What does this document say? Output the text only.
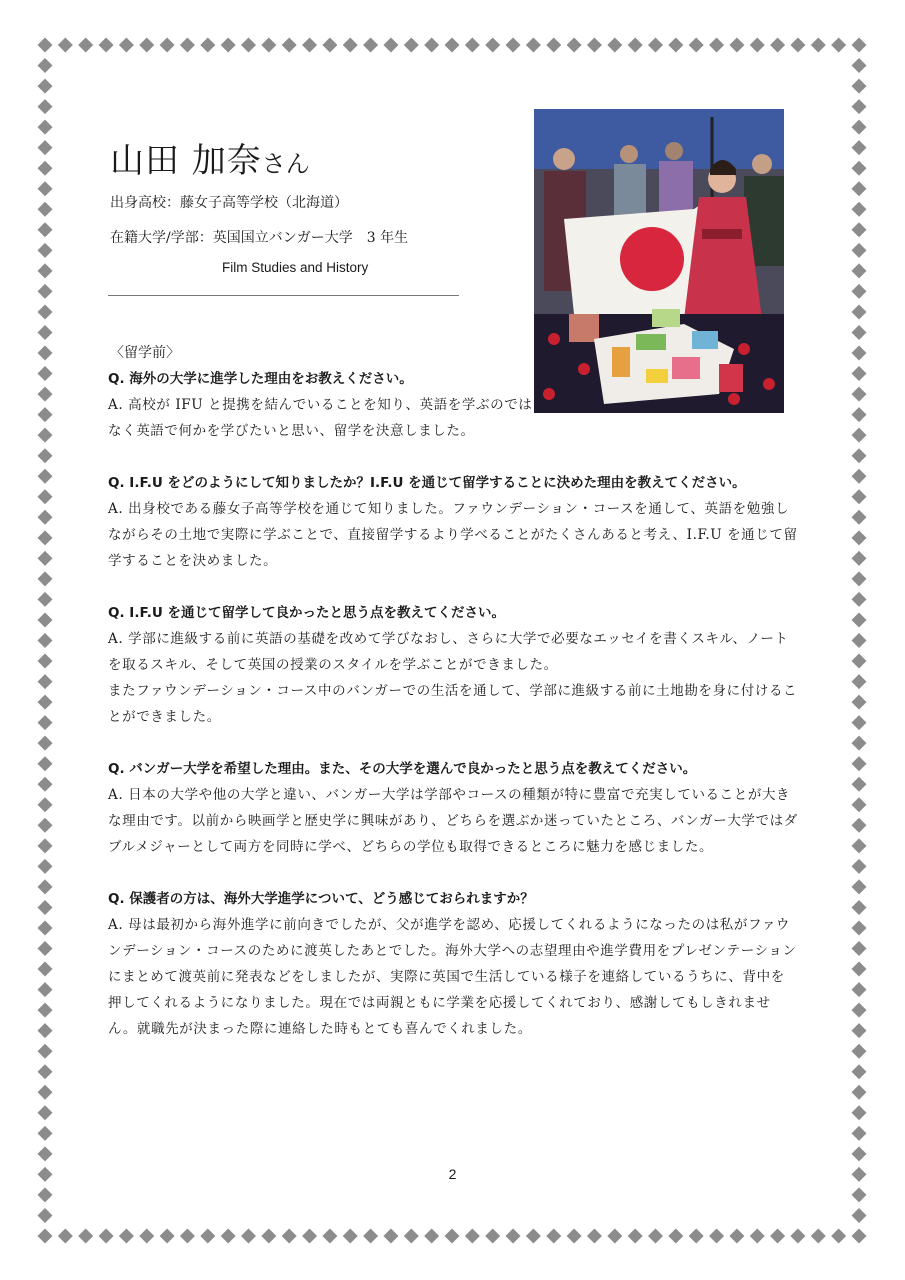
山田 加奈さん
出身高校：藤女子高等学校（北海道）
在籍大学/学部：英国国立バンガー大学　3 年生
Film Studies and History
〈留学前〉

Q. 海外の大学に進学した理由をお教えください。

A. 高校が IFU と提携を結んでいることを知り、英語を学ぶのではなく英語で何かを学びたいと思い、留学を決意しました。

Q. I.F.U をどのようにして知りましたか？I.F.U を通じて留学することに決めた理由を教えてください。

A. 出身校である藤女子高等学校を通じて知りました。ファウンデーション・コースを通して、英語を勉強しながらその土地で実際に学ぶことで、直接留学するより学べることがたくさんあると考え、I.F.U を通じて留学することを決めました。

Q. I.F.U を通じて留学して良かったと思う点を教えてください。

A. 学部に進級する前に英語の基礎を改めて学びなおし、さらに大学で必要なエッセイを書くスキル、ノートを取るスキル、そして英国の授業のスタイルを学ぶことができました。

またファウンデーション・コース中のバンガーでの生活を通して、学部に進級する前に土地勘を身に付けることができました。

Q. バンガー大学を希望した理由。また、その大学を選んで良かったと思う点を教えてください。

A. 日本の大学や他の大学と違い、バンガー大学は学部やコースの種類が特に豊富で充実していることが大きな理由です。以前から映画学と歴史学に興味があり、どちらを選ぶか迷っていたところ、バンガー大学ではダブルメジャーとして両方を同時に学べ、どちらの学位も取得できるところに魅力を感じました。

Q. 保護者の方は、海外大学進学について、どう感じておられますか？

A. 母は最初から海外進学に前向きでしたが、父が進学を認め、応援してくれるようになったのは私がファウンデーション・コースのために渡英したあとでした。海外大学への志望理由や進学費用をプレゼンテーションにまとめて渡英前に発表などをしましたが、実際に英国で生活している様子を連絡しているうちに、背中を押してくれるようになりました。現在では両親ともに学業を応援してくれており、感謝してもしきれません。就職先が決まった際に連絡した時もとても喜んでくれました。

2
